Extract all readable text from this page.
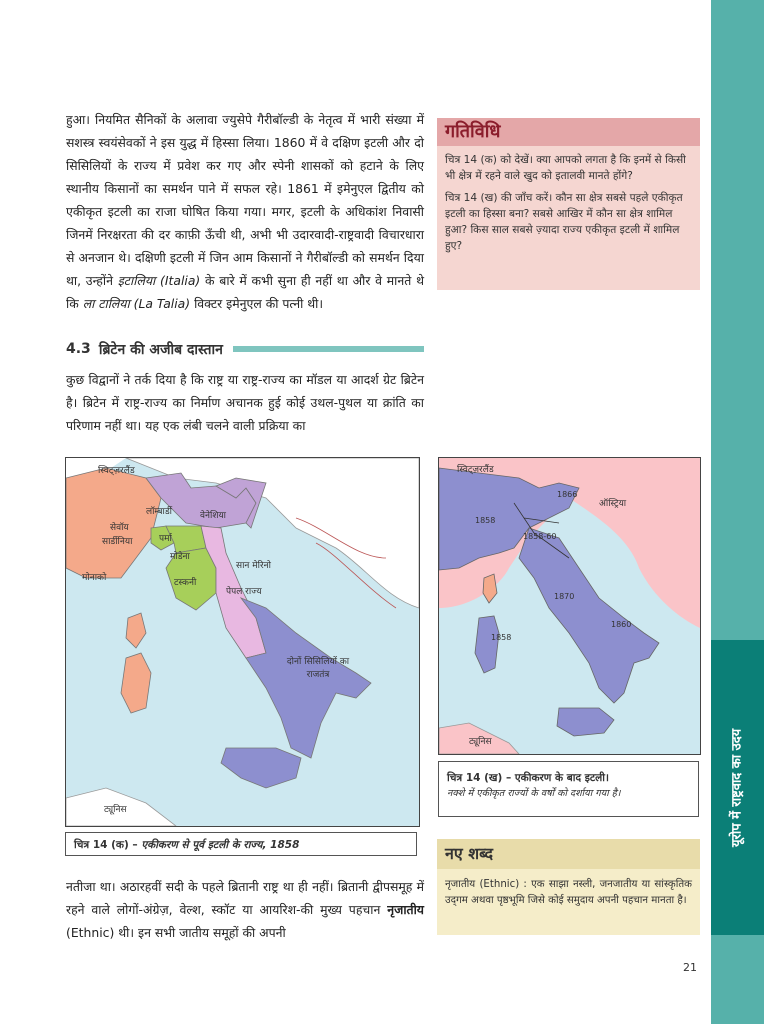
यूरोप में राष्ट्रवाद का उदय

हुआ। नियमित सैनिकों के अलावा ज्युसेपे गैरीबॉल्डी के नेतृत्व में भारी संख्या में सशस्त्र स्वयंसेवकों ने इस युद्ध में हिस्सा लिया। 1860 में वे दक्षिण इटली और दो सिसिलियों के राज्य में प्रवेश कर गए और स्पेनी शासकों को हटाने के लिए स्थानीय किसानों का समर्थन पाने में सफल रहे। 1861 में इमेनुएल द्वितीय को एकीकृत इटली का राजा घोषित किया गया। मगर, इटली के अधिकांश निवासी जिनमें निरक्षरता की दर काफ़ी ऊँची थी, अभी भी उदारवादी-राष्ट्रवादी विचारधारा से अनजान थे। दक्षिणी इटली में जिन आम किसानों ने गैरीबॉल्डी को समर्थन दिया था, उन्होंने इटालिया (Italia) के बारे में कभी सुना ही नहीं था और वे मानते थे कि ला टालिया (La Talia) विक्टर इमेनुएल की पत्नी थी।

4.3 ब्रिटेन की अजीब दास्तान

कुछ विद्वानों ने तर्क दिया है कि राष्ट्र या राष्ट्र-राज्य का मॉडल या आदर्श ग्रेट ब्रिटेन है। ब्रिटेन में राष्ट्र-राज्य का निर्माण अचानक हुई कोई उथल-पुथल या क्रांति का परिणाम नहीं था। यह एक लंबी चलने वाली प्रक्रिया का

स्विट्ज़रलैंड
लॉम्बार्डी	वेनेशिया
सेवॉय
सार्डीनिया	पर्मा
मोडेना
मोनाको	टस्कनी
सान मेरिनो
पेपल राज्य
दोनों सिसिलियों का राजतंत्र
ट्यूनिस
स्विट्ज़रलैंड
ऑस्ट्रिया
1866
1858
1858-60
1870
1860
1858
ट्यूनिस
चित्र 14 (क) – एकीकरण से पूर्व इटली के राज्य, 1858
चित्र 14 (ख) – एकीकरण के बाद इटली।
नक्शे में एकीकृत राज्यों के वर्षों को दर्शाया गया है।
गतिविधि

चित्र 14 (क) को देखें। क्या आपको लगता है कि इनमें से किसी भी क्षेत्र में रहने वाले खुद को इतालवी मानते होंगे?

चित्र 14 (ख) की जाँच करें। कौन सा क्षेत्र सबसे पहले एकीकृत इटली का हिस्सा बना? सबसे आखिर में कौन सा क्षेत्र शामिल हुआ? किस साल सबसे ज़्यादा राज्य एकीकृत इटली में शामिल हुए?

नतीजा था। अठारहवीं सदी के पहले ब्रितानी राष्ट्र था ही नहीं। ब्रितानी द्वीपसमूह में रहने वाले लोगों-अंग्रेज़, वेल्श, स्कॉट या आयरिश-की मुख्य पहचान नृजातीय (Ethnic) थी। इन सभी जातीय समूहों की अपनी

नए शब्द

नृजातीय (Ethnic) : एक साझा नस्ली, जनजातीय या सांस्कृतिक उद्‌गम अथवा पृष्ठभूमि जिसे कोई समुदाय अपनी पहचान मानता है।

21
